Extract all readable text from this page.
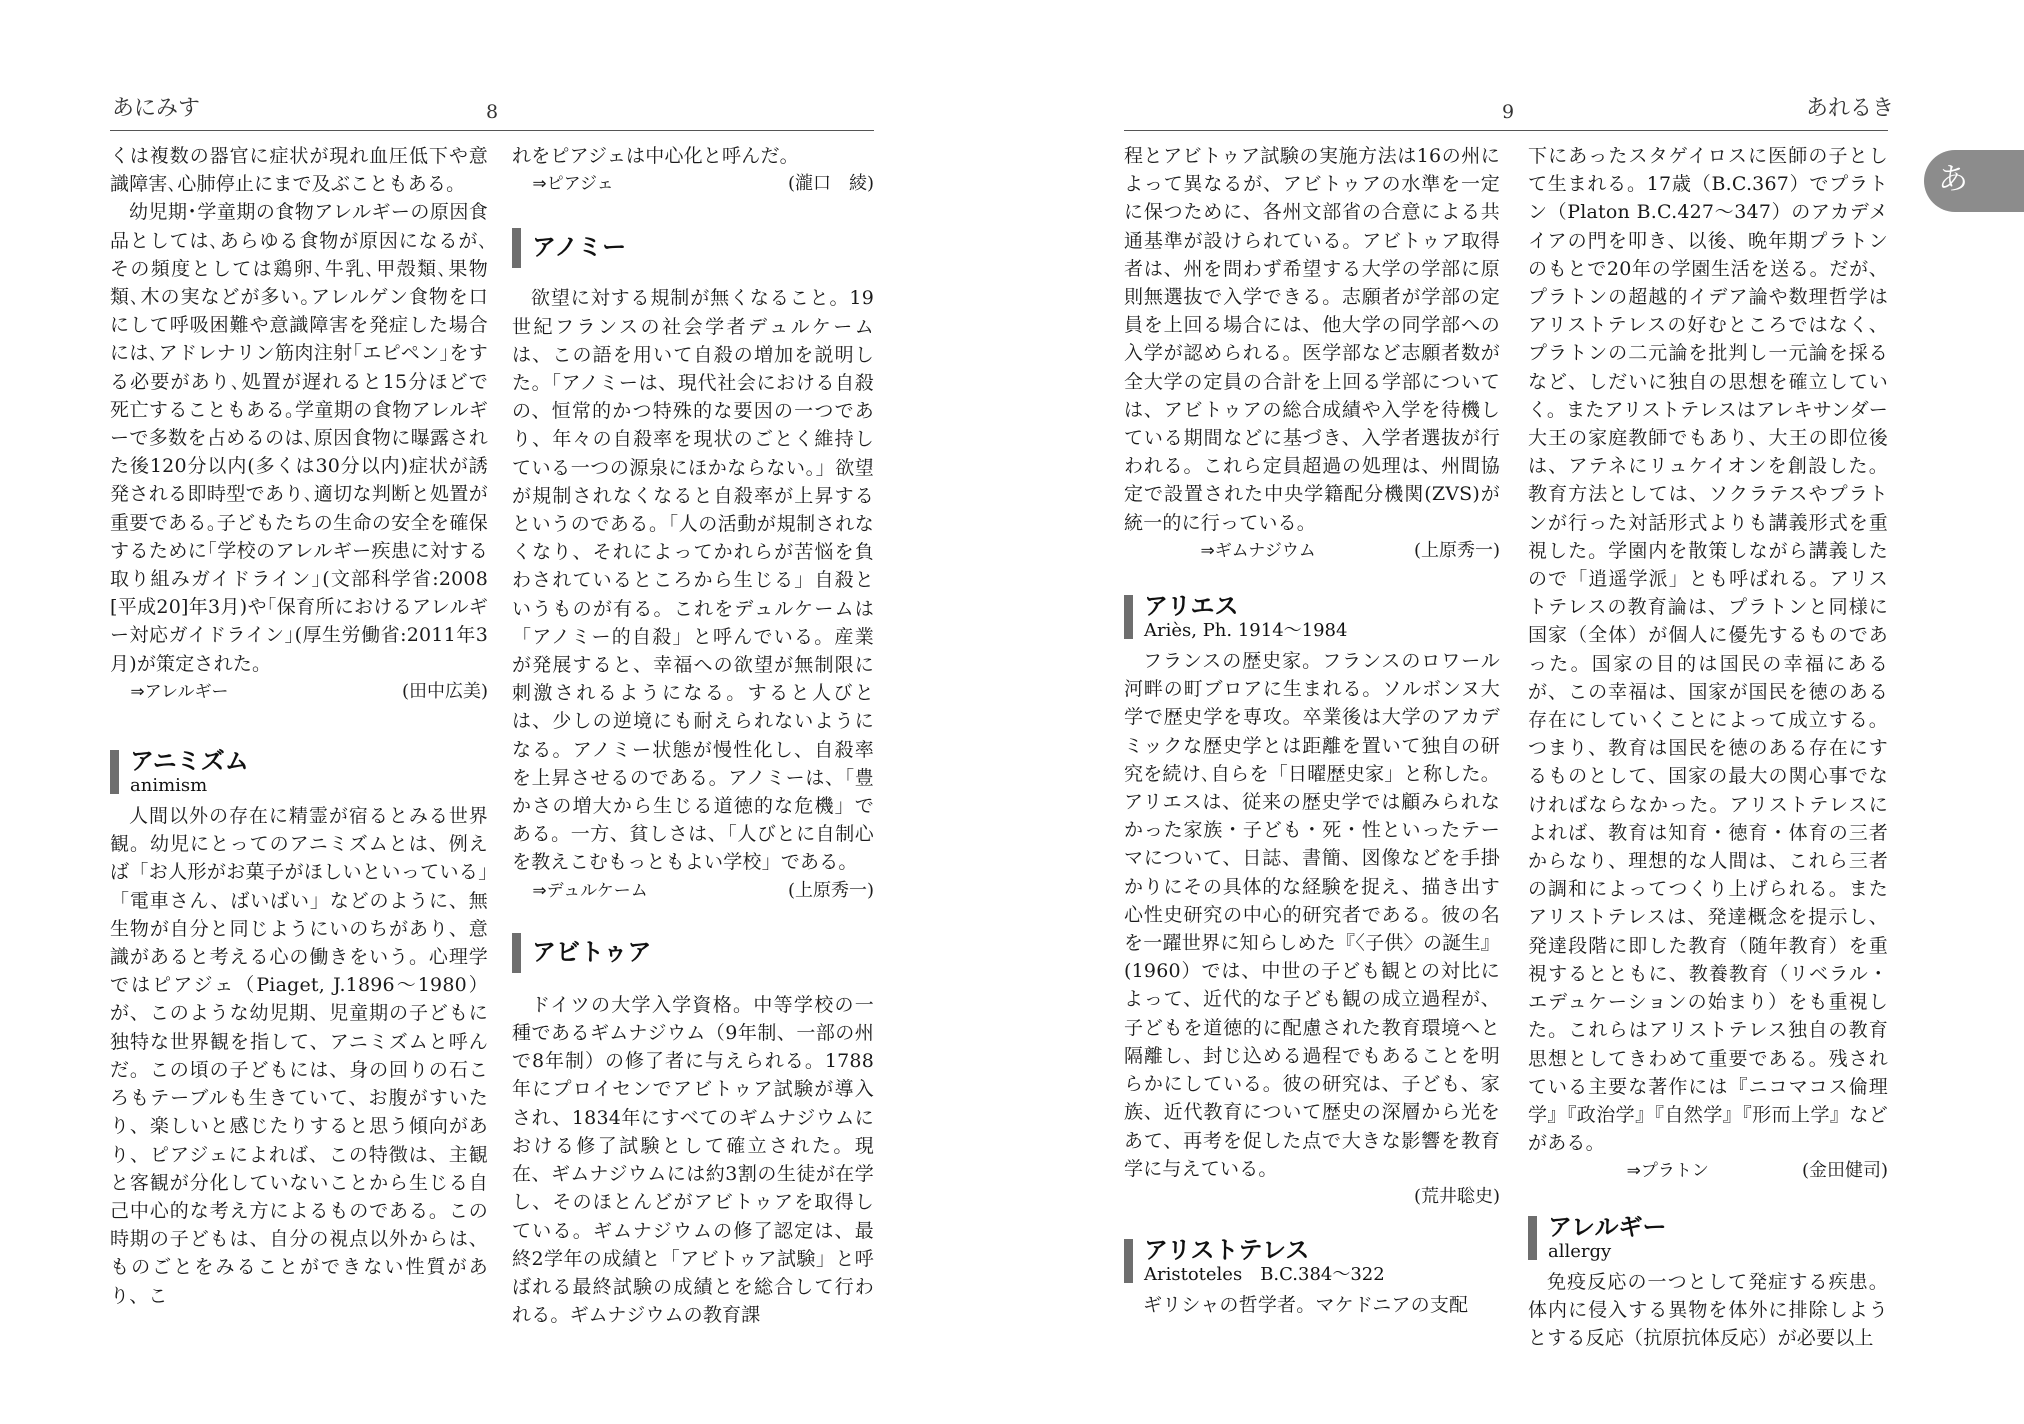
あにみす	8

くは複数の器官に症状が現れ血圧低下や意識障害､心肺停止にまで及ぶこともある｡

幼児期･学童期の食物アレルギーの原因食品としては､あらゆる食物が原因になるが､その頻度としては鶏卵､牛乳､甲殻類､果物類､木の実などが多い｡アレルゲン食物を口にして呼吸困難や意識障害を発症した場合には､アドレナリン筋肉注射｢エピペン｣をする必要があり､処置が遅れると15分ほどで死亡することもある｡学童期の食物アレルギーで多数を占めるのは､原因食物に曝露された後120分以内(多くは30分以内)症状が誘発される即時型であり､適切な判断と処置が重要である｡子どもたちの生命の安全を確保するために｢学校のアレルギー疾患に対する取り組みガイドライン｣(文部科学省:2008[平成20]年3月)や｢保育所におけるアレルギー対応ガイドライン｣(厚生労働省:2011年3月)が策定された。

⇒アレルギー	(田中広美)
アニミズム
animism

人間以外の存在に精霊が宿るとみる世界観。幼児にとってのアニミズムとは、例えば「お人形がお菓子がほしいといっている」「電車さん、ばいばい」などのように、無生物が自分と同じようにいのちがあり、意識があると考える心の働きをいう。心理学ではピアジェ（Piaget, J.1896～1980）が、このような幼児期、児童期の子どもに独特な世界観を指して、アニミズムと呼んだ。この頃の子どもには、身の回りの石ころもテーブルも生きていて、お腹がすいたり、楽しいと感じたりすると思う傾向があり、ピアジェによれば、この特徴は、主観と客観が分化していないことから生じる自己中心的な考え方によるものである。この時期の子どもは、自分の視点以外からは、ものごとをみることができない性質があり、こ

れをピアジェは中心化と呼んだ。

⇒ピアジェ	(瀧口　綾)
アノミー

欲望に対する規制が無くなること。19世紀フランスの社会学者デュルケームは、この語を用いて自殺の増加を説明した。「アノミーは、現代社会における自殺の、恒常的かつ特殊的な要因の一つであり、年々の自殺率を現状のごとく維持している一つの源泉にほかならない。」欲望が規制されなくなると自殺率が上昇するというのである。「人の活動が規制されなくなり、それによってかれらが苦悩を負わされているところから生じる」自殺というものが有る。これをデュルケームは「アノミー的自殺」と呼んでいる。産業が発展すると、幸福への欲望が無制限に刺激されるようになる。すると人びとは、少しの逆境にも耐えられないようになる。アノミー状態が慢性化し、自殺率を上昇させるのである。アノミーは、「豊かさの増大から生じる道徳的な危機」である。一方、貧しさは、「人びとに自制心を教えこむもっともよい学校」である。

⇒デュルケーム	(上原秀一)
アビトゥア

ドイツの大学入学資格。中等学校の一種であるギムナジウム（9年制、一部の州で8年制）の修了者に与えられる。1788年にプロイセンでアビトゥア試験が導入され、1834年にすべてのギムナジウムにおける修了試験として確立された。現在、ギムナジウムには約3割の生徒が在学し、そのほとんどがアビトゥアを取得している。ギムナジウムの修了認定は、最終2学年の成績と「アビトゥア試験」と呼ばれる最終試験の成績とを総合して行われる。ギムナジウムの教育課

9	あれるき

程とアビトゥア試験の実施方法は16の州によって異なるが、アビトゥアの水準を一定に保つために、各州文部省の合意による共通基準が設けられている。アビトゥア取得者は、州を問わず希望する大学の学部に原則無選抜で入学できる。志願者が学部の定員を上回る場合には、他大学の同学部への入学が認められる。医学部など志願者数が全大学の定員の合計を上回る学部については、アビトゥアの総合成績や入学を待機している期間などに基づき、入学者選抜が行われる。これら定員超過の処理は、州間協定で設置された中央学籍配分機関(ZVS)が統一的に行っている。

⇒ギムナジウム	(上原秀一)
アリエス
Ariès, Ph. 1914～1984

フランスの歴史家。フランスのロワール河畔の町ブロアに生まれる。ソルボンヌ大学で歴史学を専攻。卒業後は大学のアカデミックな歴史学とは距離を置いて独自の研究を続け､自らを「日曜歴史家」と称した。アリエスは、従来の歴史学では顧みられなかった家族・子ども・死・性といったテーマについて、日誌、書簡、図像などを手掛かりにその具体的な経験を捉え、描き出す心性史研究の中心的研究者である。彼の名を一躍世界に知らしめた『〈子供〉の誕生』(1960）では、中世の子ども観との対比によって、近代的な子ども観の成立過程が、子どもを道徳的に配慮された教育環境へと隔離し、封じ込める過程でもあることを明らかにしている。彼の研究は、子ども、家族、近代教育について歴史の深層から光をあて、再考を促した点で大きな影響を教育学に与えている。

(荒井聡史)
アリストテレス
Aristoteles　B.C.384～322

ギリシャの哲学者。マケドニアの支配

下にあったスタゲイロスに医師の子として生まれる。17歳（B.C.367）でプラトン（Platon B.C.427～347）のアカデメイアの門を叩き、以後、晩年期プラトンのもとで20年の学園生活を送る。だが、プラトンの超越的イデア論や数理哲学はアリストテレスの好むところではなく、プラトンの二元論を批判し一元論を採るなど、しだいに独自の思想を確立していく。またアリストテレスはアレキサンダー大王の家庭教師でもあり、大王の即位後は、アテネにリュケイオンを創設した。教育方法としては、ソクラテスやプラトンが行った対話形式よりも講義形式を重視した。学園内を散策しながら講義したので「逍遥学派」とも呼ばれる。アリストテレスの教育論は、プラトンと同様に国家（全体）が個人に優先するものであった。国家の目的は国民の幸福にあるが、この幸福は、国家が国民を徳のある存在にしていくことによって成立する。つまり、教育は国民を徳のある存在にするものとして、国家の最大の関心事でなければならなかった。アリストテレスによれば、教育は知育・徳育・体育の三者からなり、理想的な人間は、これら三者の調和によってつくり上げられる。またアリストテレスは、発達概念を提示し、発達段階に即した教育（随年教育）を重視するとともに、教養教育（リベラル・エデュケーションの始まり）をも重視した。これらはアリストテレス独自の教育思想としてきわめて重要である。残されている主要な著作には『ニコマコス倫理学』『政治学』『自然学』『形而上学』などがある。

⇒プラトン	(金田健司)
アレルギー
allergy

免疫反応の一つとして発症する疾患。体内に侵入する異物を体外に排除しようとする反応（抗原抗体反応）が必要以上

あ
